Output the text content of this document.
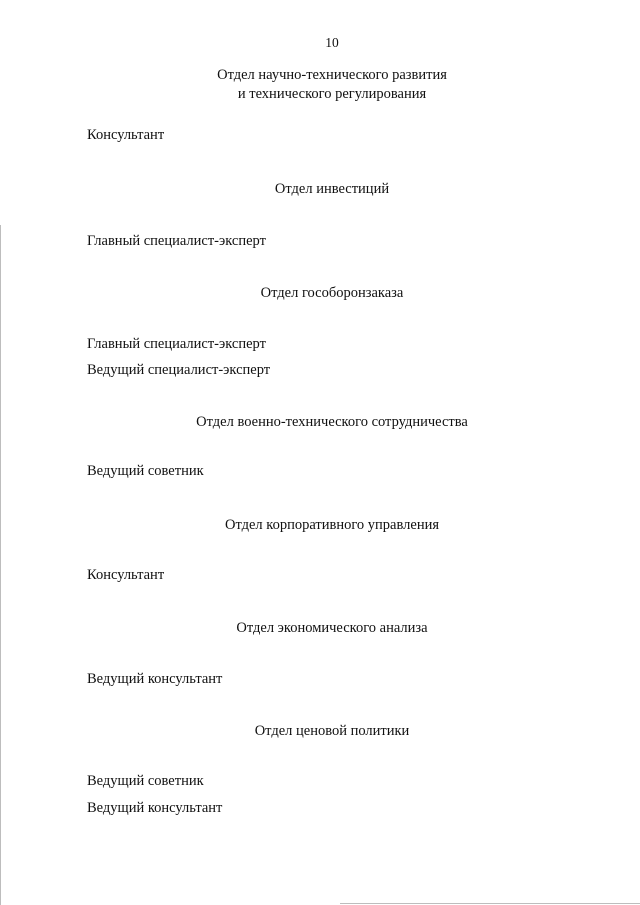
10
Отдел научно-технического развития
и технического регулирования
Консультант
Отдел инвестиций
Главный специалист-эксперт
Отдел гособоронзаказа
Главный специалист-эксперт
Ведущий специалист-эксперт
Отдел военно-технического сотрудничества
Ведущий советник
Отдел корпоративного управления
Консультант
Отдел экономического анализа
Ведущий консультант
Отдел ценовой политики
Ведущий советник
Ведущий консультант
